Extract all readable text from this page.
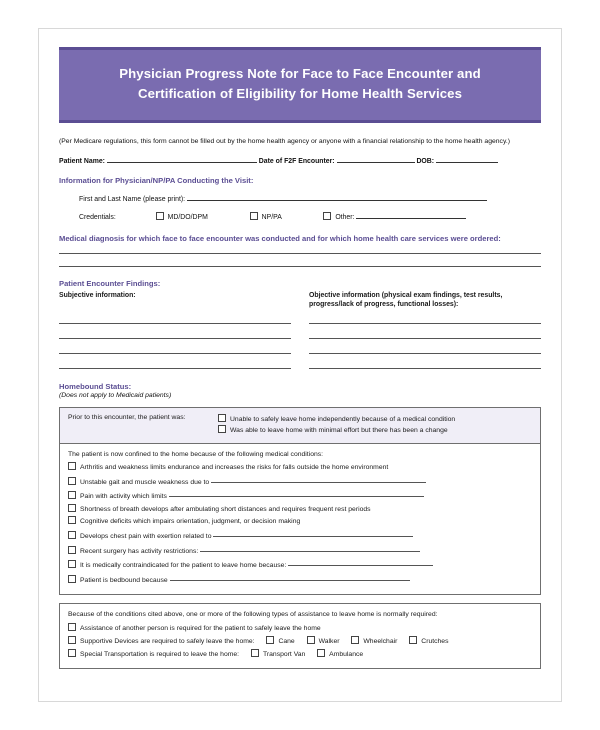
Physician Progress Note for Face to Face Encounter and
Certification of Eligibility for Home Health Services
(Per Medicare regulations, this form cannot be filled out by the home health agency or anyone with a financial relationship to the home health agency.)
Patient Name:	Date of F2F Encounter:	DOB:
Information for Physician/NP/PA Conducting the Visit:
First and Last Name (please print):
Credentials:	MD/DO/DPM	NP/PA	Other:
Medical diagnosis for which face to face encounter was conducted and for which home health care services were ordered:
Patient Encounter Findings:
Subjective information:	Objective information (physical exam findings, test results, progress/lack of progress, functional losses):
Homebound Status:
(Does not apply to Medicaid patients)
Prior to this encounter, the patient was:	Unable to safely leave home independently because of a medical condition
Was able to leave home with minimal effort but there has been a change
The patient is now confined to the home because of the following medical conditions:
Arthritis and weakness limits endurance and increases the risks for falls outside the home environment
Unstable gait and muscle weakness due to
Pain with activity which limits
Shortness of breath develops after ambulating short distances and requires frequent rest periods
Cognitive deficits which impairs orientation, judgment, or decision making
Develops chest pain with exertion related to
Recent surgery has activity restrictions:
It is medically contraindicated for the patient to leave home because:
Patient is bedbound because
Because of the conditions cited above, one or more of the following types of assistance to leave home is normally required:
Assistance of another person is required for the patient to safely leave the home
Supportive Devices are required to safely leave the home:	Cane	Walker	Wheelchair	Crutches
Special Transportation is required to leave the home:	Transport Van	Ambulance
